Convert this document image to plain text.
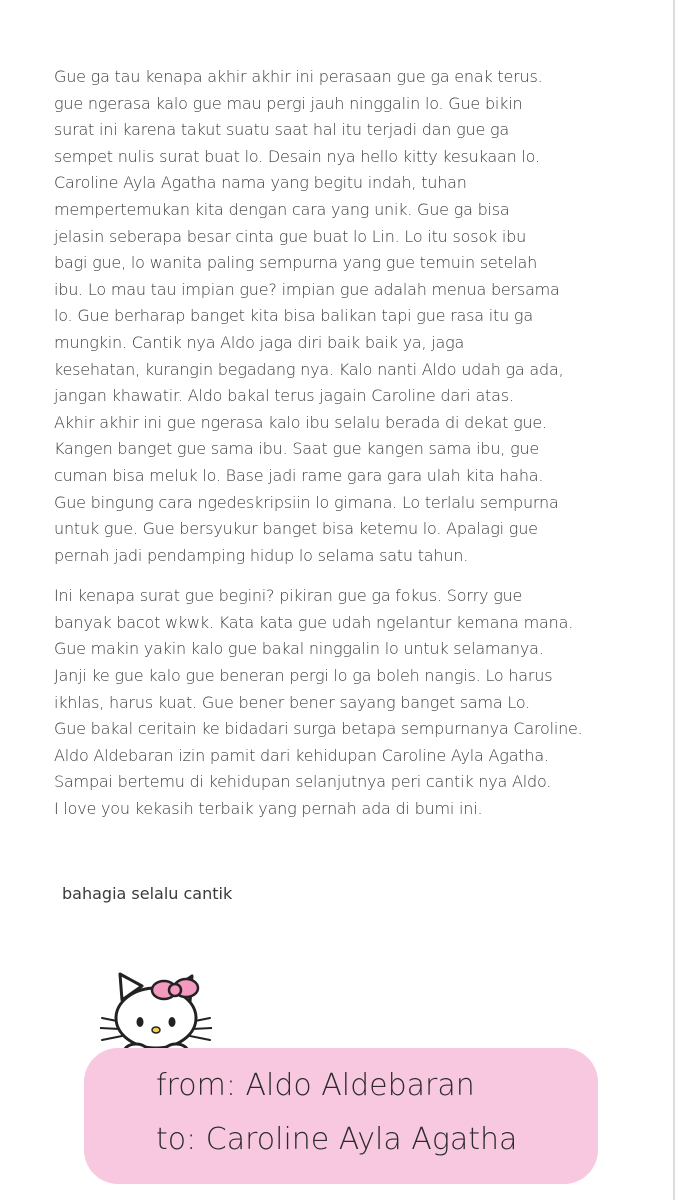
Gue ga tau kenapa akhir akhir ini perasaan gue ga enak terus.
gue ngerasa kalo gue mau pergi jauh ninggalin lo. Gue bikin
surat ini karena takut suatu saat hal itu terjadi dan gue ga
sempet nulis surat buat lo. Desain nya hello kitty kesukaan lo.
Caroline Ayla Agatha nama yang begitu indah, tuhan
mempertemukan kita dengan cara yang unik. Gue ga bisa
jelasin seberapa besar cinta gue buat lo Lin. Lo itu sosok ibu
bagi gue, lo wanita paling sempurna yang gue temuin setelah
ibu. Lo mau tau impian gue? impian gue adalah menua bersama
lo. Gue berharap banget kita bisa balikan tapi gue rasa itu ga
mungkin. Cantik nya Aldo jaga diri baik baik ya, jaga
kesehatan, kurangin begadang nya. Kalo nanti Aldo udah ga ada,
jangan khawatir. Aldo bakal terus jagain Caroline dari atas.
Akhir akhir ini gue ngerasa kalo ibu selalu berada di dekat gue.
Kangen banget gue sama ibu. Saat gue kangen sama ibu, gue
cuman bisa meluk lo. Base jadi rame gara gara ulah kita haha.
Gue bingung cara ngedeskripsiin lo gimana. Lo terlalu sempurna
untuk gue. Gue bersyukur banget bisa ketemu lo. Apalagi gue
pernah jadi pendamping hidup lo selama satu tahun.
Ini kenapa surat gue begini? pikiran gue ga fokus. Sorry gue
banyak bacot wkwk. Kata kata gue udah ngelantur kemana mana.
Gue makin yakin kalo gue bakal ninggalin lo untuk selamanya.
Janji ke gue kalo gue beneran pergi lo ga boleh nangis. Lo harus
ikhlas, harus kuat. Gue bener bener sayang banget sama Lo.
Gue bakal ceritain ke bidadari surga betapa sempurnanya Caroline.
Aldo Aldebaran izin pamit dari kehidupan Caroline Ayla Agatha.
Sampai bertemu di kehidupan selanjutnya peri cantik nya Aldo.
I love you kekasih terbaik yang pernah ada di bumi ini.
bahagia selalu cantik
from: Aldo Aldebaran
to: Caroline Ayla Agatha
